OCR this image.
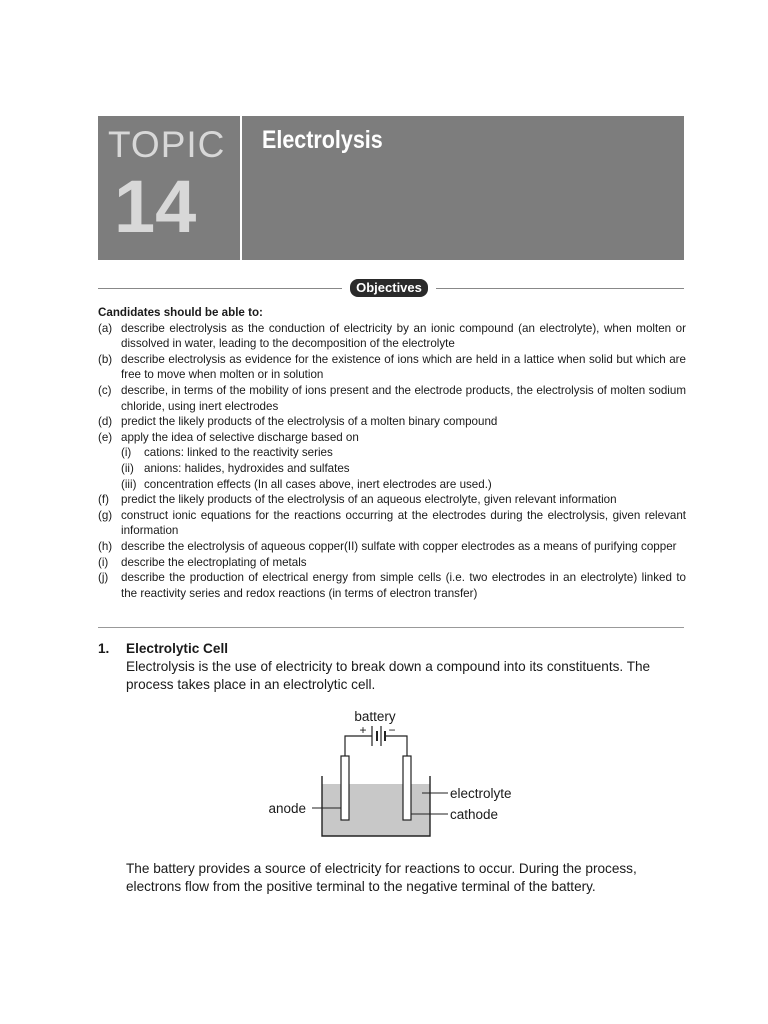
TOPIC
14
Electrolysis
Objectives
Candidates should be able to:
(a) describe electrolysis as the conduction of electricity by an ionic compound (an electrolyte), when molten or dissolved in water, leading to the decomposition of the electrolyte
(b) describe electrolysis as evidence for the existence of ions which are held in a lattice when solid but which are free to move when molten or in solution
(c) describe, in terms of the mobility of ions present and the electrode products, the electrolysis of molten sodium chloride, using inert electrodes
(d) predict the likely products of the electrolysis of a molten binary compound
(e) apply the idea of selective discharge based on
(i) cations: linked to the reactivity series
(ii) anions: halides, hydroxides and sulfates
(iii) concentration effects (In all cases above, inert electrodes are used.)
(f) predict the likely products of the electrolysis of an aqueous electrolyte, given relevant information
(g) construct ionic equations for the reactions occurring at the electrodes during the electrolysis, given relevant information
(h) describe the electrolysis of aqueous copper(II) sulfate with copper electrodes as a means of purifying copper
(i) describe the electroplating of metals
(j) describe the production of electrical energy from simple cells (i.e. two electrodes in an electrolyte) linked to the reactivity series and redox reactions (in terms of electron transfer)
1. Electrolytic Cell
Electrolysis is the use of electricity to break down a compound into its constituents. The process takes place in an electrolytic cell.
battery
+ −
electrolyte
cathode
anode
The battery provides a source of electricity for reactions to occur. During the process, electrons flow from the positive terminal to the negative terminal of the battery.
